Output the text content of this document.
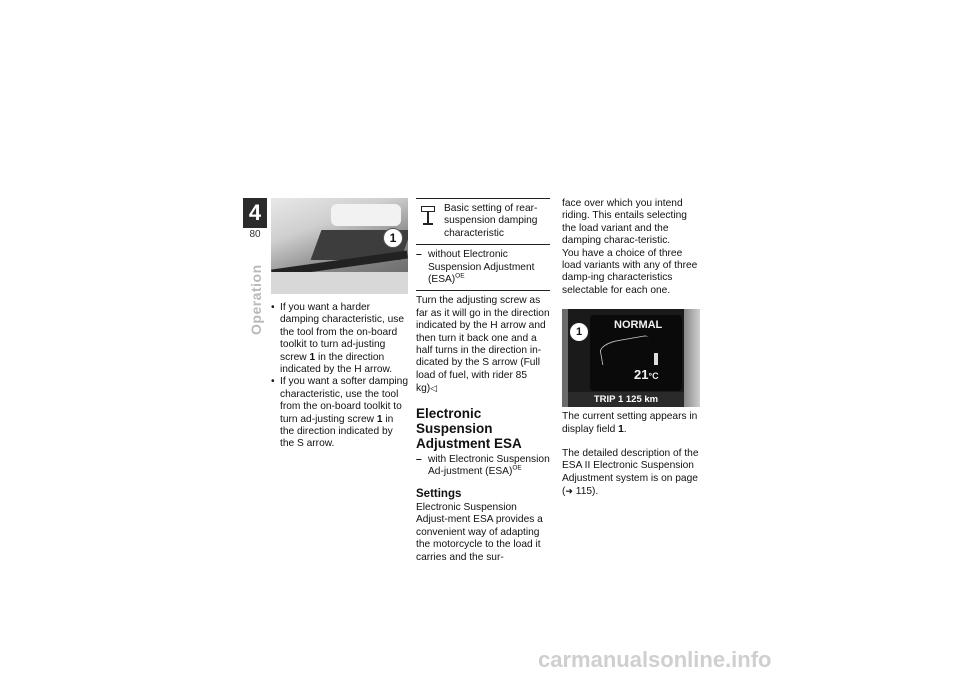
4
80
Operation
1
• If you want a harder damping characteristic, use the tool from the on-board toolkit to turn ad-justing screw 1 in the direction indicated by the H arrow.
• If you want a softer damping characteristic, use the tool from the on-board toolkit to turn ad-justing screw 1 in the direction indicated by the S arrow.
Basic setting of rear-suspension damping characteristic
– without Electronic Suspension Adjustment (ESA)$^{OE}$
Turn the adjusting screw as far as it will go in the direction indicated by the H arrow and then turn it back one and a half turns in the direction in-dicated by the S arrow (Full load of fuel, with rider 85 kg)◁
Electronic Suspension Adjustment ESA
– with Electronic Suspension Ad-justment (ESA)$^{OE}$
Settings
Electronic Suspension Adjust-ment ESA provides a convenient way of adapting the motorcycle to the load it carries and the sur-
face over which you intend riding. This entails selecting the load variant and the damping charac-teristic.
You have a choice of three load variants with any of three damp-ing characteristics selectable for each one.
NORMAL
21°C
TRIP 1 125 km
1
The current setting appears in display field 1.
The detailed description of the ESA II Electronic Suspension Adjustment system is on page
(➜ 115).
carmanualsonline.info
